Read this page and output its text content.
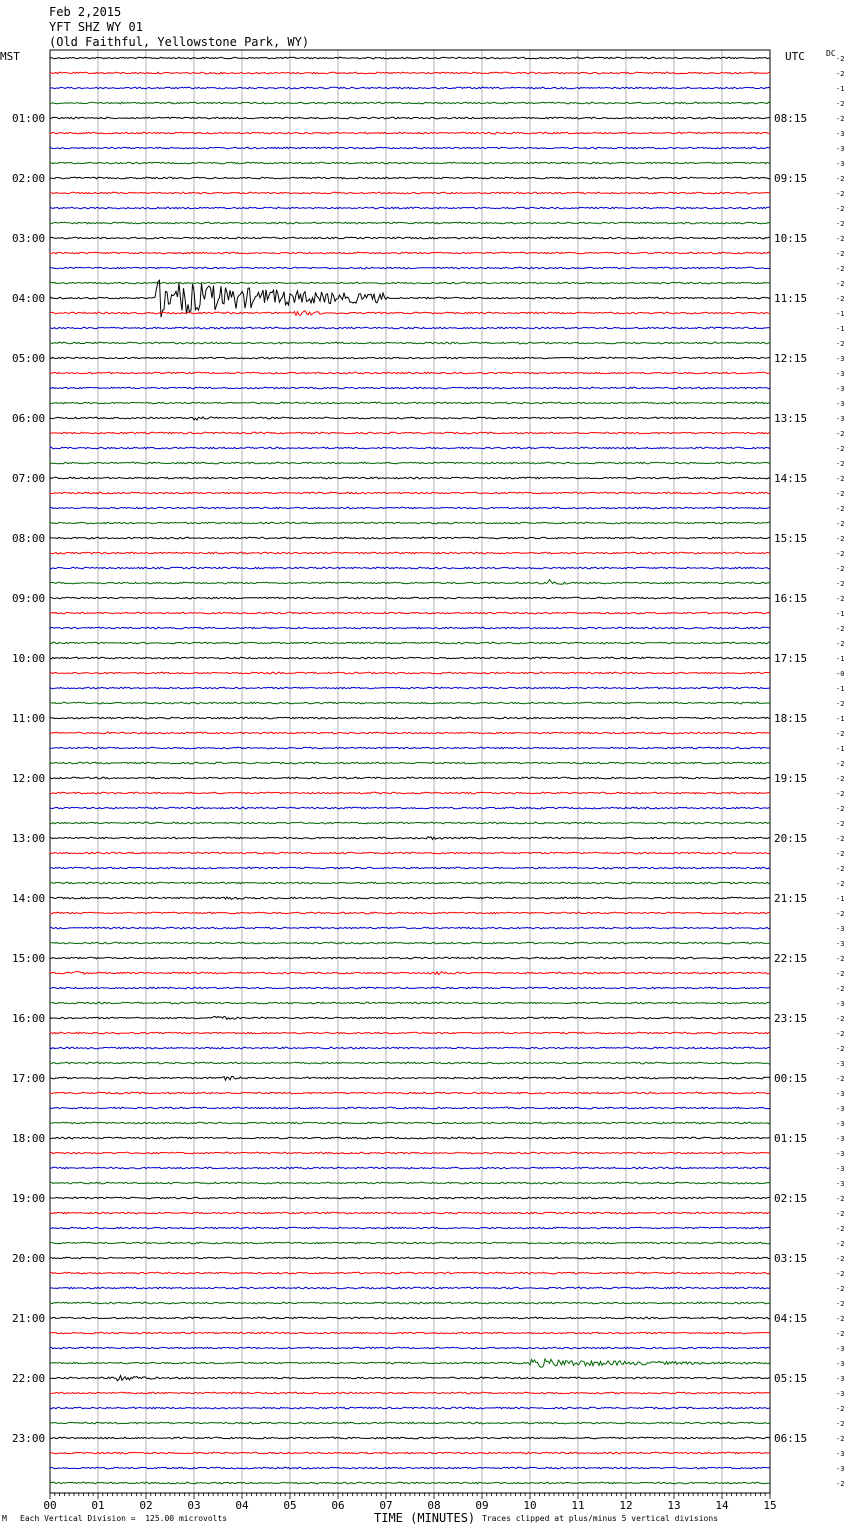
Feb 2,2015
YFT SHZ WY 01
(Old Faithful, Yellowstone Park, WY)
MST	UTC	DC
-2
-2
-1
-2
-2
-3
-3
-3
-2
-2
-2
-2
-2
-2
-2
-2
-2
-1
-1
-2
-3
-3
-3
-3
-3
-2
-2
-2
-2
-2
-2
-2
-2
-2
-2
-2
-2
-1
-2
-2
-1
-0
-1
-2
-1
-2
-1
-2
-2
-2
-2
-2
-2
-2
-2
-2
-1
-2
-3
-3
-2
-2
-2
-3
-2
-2
-2
-3
-2
-3
-3
-3
-3
-3
-3
-3
-2
-2
-2
-2
-2
-2
-2
-2
-2
-2
-3
-3
-3
-3
-2
-2
-2
-3
-3
-2
01:00
02:00
03:00
04:00
05:00
06:00
07:00
08:00
09:00
10:00
11:00
12:00
13:00
14:00
15:00
16:00
17:00
18:00
19:00
20:00
21:00
22:00
23:00
08:15
09:15
10:15
11:15
12:15
13:15
14:15
15:15
16:15
17:15
18:15
19:15
20:15
21:15
22:15
23:15
00:15
01:15
02:15
03:15
04:15
05:15
06:15
00	01	02	03	04	05	06	07	08	09	10	11	12	13	14	15
M Each Vertical Division =  125.00 microvolts	TIME (MINUTES) Traces clipped at plus/minus 5 vertical divisions
